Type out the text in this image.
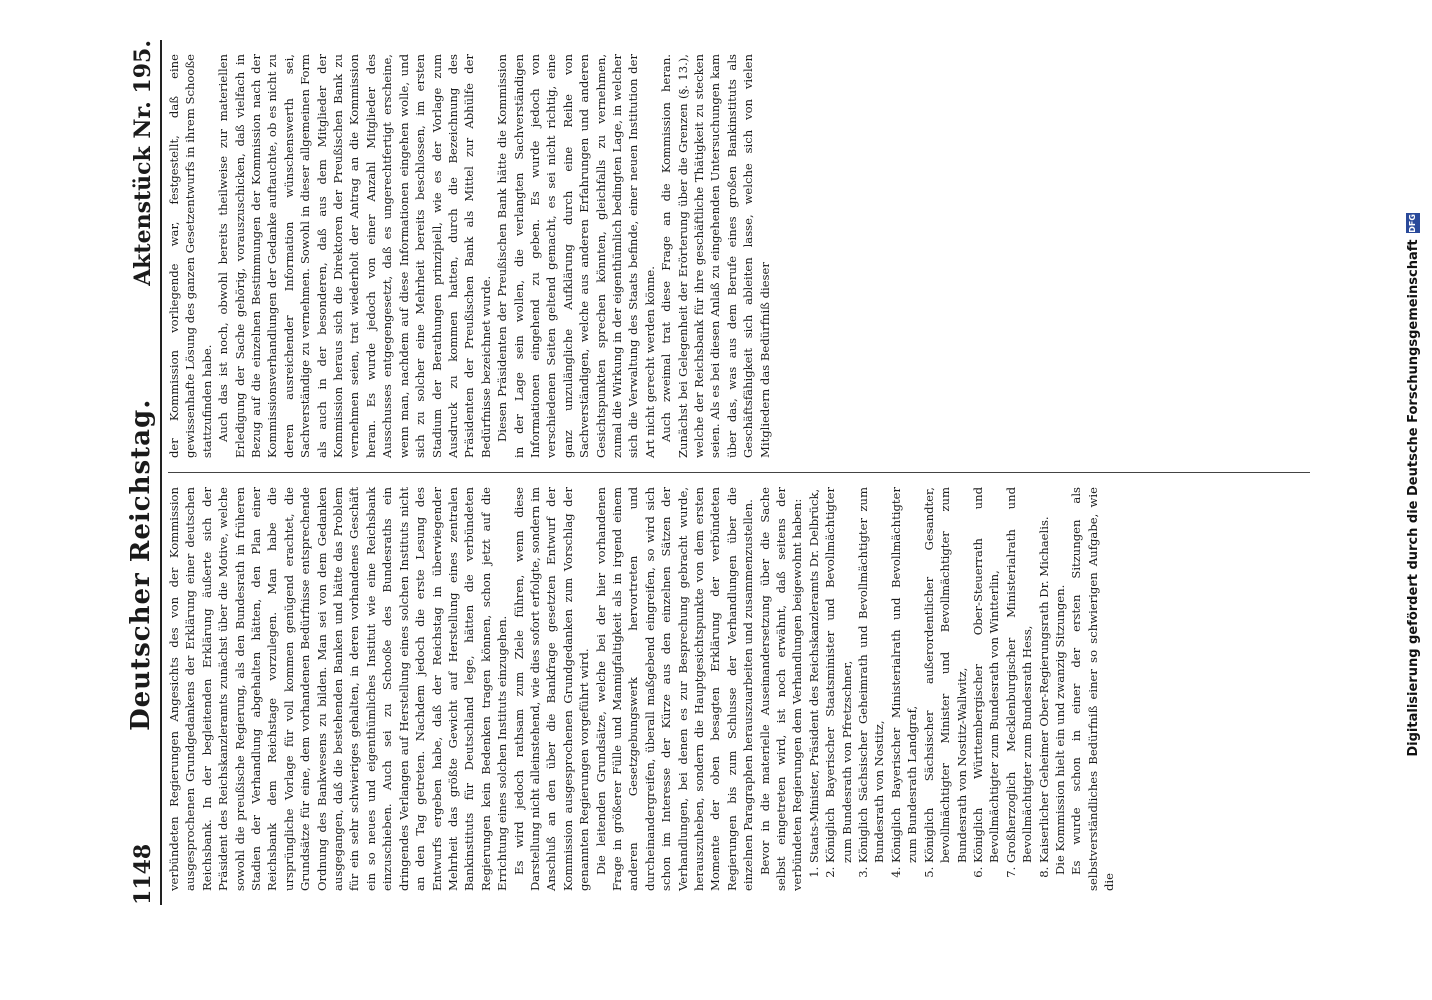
1148
Deutscher Reichstag.
Aktenstück Nr. 195.

verbündeten Regierungen Angesichts des von der Kommission ausgesprochenen Grundgedankens der Erklärung einer deutschen Reichsbank. In der begleitenden Erklärung äußerte sich der Präsident des Reichskanzleramts zunächst über die Motive, welche sowohl die preußische Regierung, als den Bundesrath in früheren Stadien der Verhandlung abgehalten hätten, den Plan einer Reichsbank dem Reichstage vorzulegen. Man habe die ursprüngliche Vorlage für voll kommen genügend erachtet, die Grundsätze für eine, dem vorhandenen Bedürfnisse entsprechende Ordnung des Bankwesens zu bilden. Man sei von dem Gedanken ausgegangen, daß die bestehenden Banken und hätte das Problem für ein sehr schwieriges gehalten, in deren vorhandenes Geschäft ein so neues und eigenthümliches Institut wie eine Reichsbank einzuschieben. Auch sei zu Schooße des Bundesraths ein dringendes Verlangen auf Herstellung eines solchen Instituts nicht an den Tag getreten. Nachdem jedoch die erste Lesung des Entwurfs ergeben habe, daß der Reichstag in überwiegender Mehrheit das größte Gewicht auf Herstellung eines zentralen Bankinstituts für Deutschland lege, hätten die verbündeten Regierungen kein Bedenken tragen können, schon jetzt auf die Errichtung eines solchen Instituts einzugehen. Es wird jedoch rathsam zum Ziele führen, wenn diese Darstellung nicht alleinstehend, wie dies sofort erfolgte, sondern im Anschluß an den über die Bankfrage gesetzten Entwurf der Kommission ausgesprochenen Grundgedanken zum Vorschlag der genannten Regierungen vorgeführt wird. Die leitenden Grundsätze, welche bei der hier vorhandenen Frage in größerer Fülle und Mannigfaltigkeit als in irgend einem anderen Gesetzgebungswerk hervortreten und durcheinandergreifen, überall maßgebend eingreifen, so wird sich schon im Interesse der Kürze aus den einzelnen Sätzen der Verhandlungen, bei denen es zur Besprechung gebracht wurde, herauszuheben, sondern die Hauptgesichtspunkte von dem ersten Momente der oben besagten Erklärung der verbündeten Regierungen bis zum Schlusse der Verhandlungen über die einzelnen Paragraphen herauszuarbeiten und zusammenzustellen. Bevor in die materielle Auseinandersetzung über die Sache selbst eingetreten wird, ist noch erwähnt, daß seitens der verbündeten Regierungen dem Verhandlungen beigewohnt haben: 1. Staats-Minister, Präsident des Reichskanzleramts Dr. Delbrück, 2. Königlich Bayerischer Staatsminister und Bevollmächtigter zum Bundesrath von Pfretzschner, 3. Königlich Sächsischer Geheimrath und Bevollmächtigter zum Bundesrath von Nostitz, 4. Königlich Bayerischer Ministerialrath und Bevollmächtigter zum Bundesrath Landgraf, 5. Königlich Sächsischer außerordentlicher Gesandter, bevollmächtigter Minister und Bevollmächtigter zum Bundesrath von Nostitz-Wallwitz, 6. Königlich Württembergischer Ober-Steuerrath und Bevollmächtigter zum Bundesrath von Wintterlin, 7. Großherzoglich Mecklenburgischer Ministerialrath und Bevollmächtigter zum Bundesrath Hess, 8. Kaiserlicher Geheimer Ober-Regierungsrath Dr. Michaelis. Die Kommission hielt ein und zwanzig Sitzungen. Es wurde schon in einer der ersten Sitzungen als selbstverständliches Bedürfniß einer so schwierigen Aufgabe, wie die

der Kommission vorliegende war, festgestellt, daß eine gewissenhafte Lösung des ganzen Gesetzentwurfs in ihrem Schooße stattzufinden habe. Auch das ist noch, obwohl bereits theilweise zur materiellen Erledigung der Sache gehörig, vorauszuschicken, daß vielfach in Bezug auf die einzelnen Bestimmungen der Kommission nach der Kommissionsverhandlungen der Gedanke auftauchte, ob es nicht zu deren ausreichender Information wünschenswerth sei, Sachverständige zu vernehmen. Sowohl in dieser allgemeinen Form als auch in der besonderen, daß aus dem Mitglieder der Kommission heraus sich die Direktoren der Preußischen Bank zu vernehmen seien, trat wiederholt der Antrag an die Kommission heran. Es wurde jedoch von einer Anzahl Mitglieder des Ausschusses entgegengesetzt, daß es ungerechtfertigt erscheine, wenn man, nachdem auf diese Informationen eingehen wolle, und sich zu solcher eine Mehrheit bereits beschlossen, im ersten Stadium der Berathungen prinzipiell, wie es der Vorlage zum Ausdruck zu kommen hatten, durch die Bezeichnung des Präsidenten der Preußischen Bank als Mittel zur Abhülfe der Bedürfnisse bezeichnet wurde. Diesen Präsidenten der Preußischen Bank hätte die Kommission in der Lage sein wollen, die verlangten Sachverständigen Informationen eingehend zu geben. Es wurde jedoch von verschiedenen Seiten geltend gemacht, es sei nicht richtig, eine ganz unzulängliche Aufklärung durch eine Reihe von Sachverständigen, welche aus anderen Erfahrungen und anderen Gesichtspunkten sprechen könnten, gleichfalls zu vernehmen, zumal die Wirkung in der eigenthümlich bedingten Lage, in welcher sich die Verwaltung des Staats befinde, einer neuen Institution der Art nicht gerecht werden könne. Auch zweimal trat diese Frage an die Kommission heran. Zunächst bei Gelegenheit der Erörterung über die Grenzen (§. 13.), welche der Reichsbank für ihre geschäftliche Thätigkeit zu stecken seien. Als es bei diesen Anlaß zu eingehenden Untersuchungen kam über das, was aus dem Berufe eines großen Bankinstituts als Geschäftsfähigkeit sich ableiten lasse, welche sich von vielen Mitgliedern das Bedürfniß dieser	Digitalisierung gefördert durch die Deutsche Forschungsgemeinschaft
DFG
